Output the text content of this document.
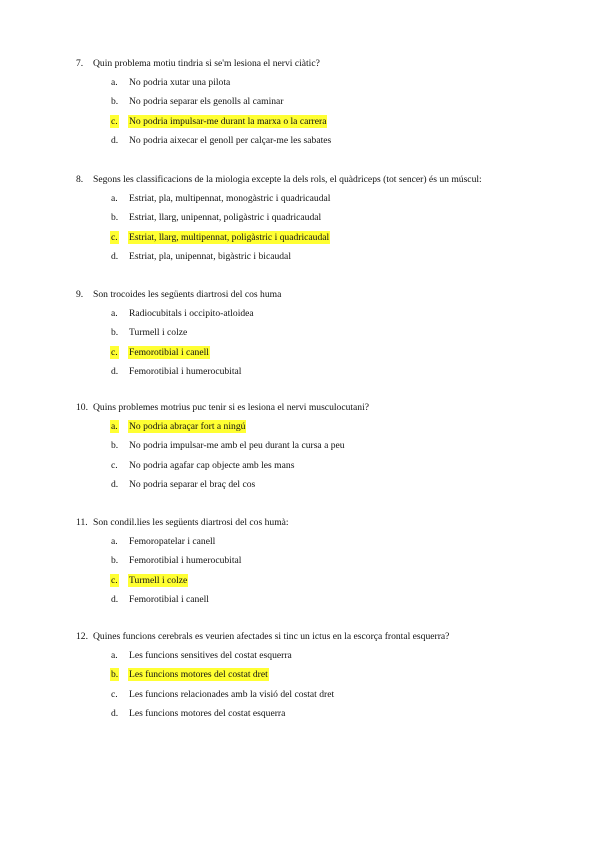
7. Quin problema motiu tindria si se'm lesiona el nervi ciàtic?
a. No podria xutar una pilota
b. No podria separar els genolls al caminar
c. No podria impulsar-me durant la marxa o la carrera
d. No podria aixecar el genoll per calçar-me les sabates
8. Segons les classificacions de la miologia excepte la dels rols, el quàdriceps (tot sencer) és un múscul:
a. Estriat, pla, multipennat, monogàstric i quadricaudal
b. Estriat, llarg, unipennat, poligàstric i quadricaudal
c. Estriat, llarg, multipennat, poligàstric i quadricaudal
d. Estriat, pla, unipennat, bigàstric i bicaudal
9. Son trocoides les següents diartrosi del cos huma
a. Radiocubitals i occipito-atloidea
b. Turmell i colze
c. Femorotibial i canell
d. Femorotibial i humerocubital
10. Quins problemes motrius puc tenir si es lesiona el nervi musculocutani?
a. No podria abraçar fort a ningú
b. No podria impulsar-me amb el peu durant la cursa a peu
c. No podria agafar cap objecte amb les mans
d. No podria separar el braç del cos
11. Son condil.lies les següents diartrosi del cos humà:
a. Femoropatelar i canell
b. Femorotibial i humerocubital
c. Turmell i colze
d. Femorotibial i canell
12. Quines funcions cerebrals es veurien afectades si tinc un ictus en la escorça frontal esquerra?
a. Les funcions sensitives del costat esquerra
b. Les funcions motores del costat dret
c. Les funcions relacionades amb la visió del costat dret
d. Les funcions motores del costat esquerra
